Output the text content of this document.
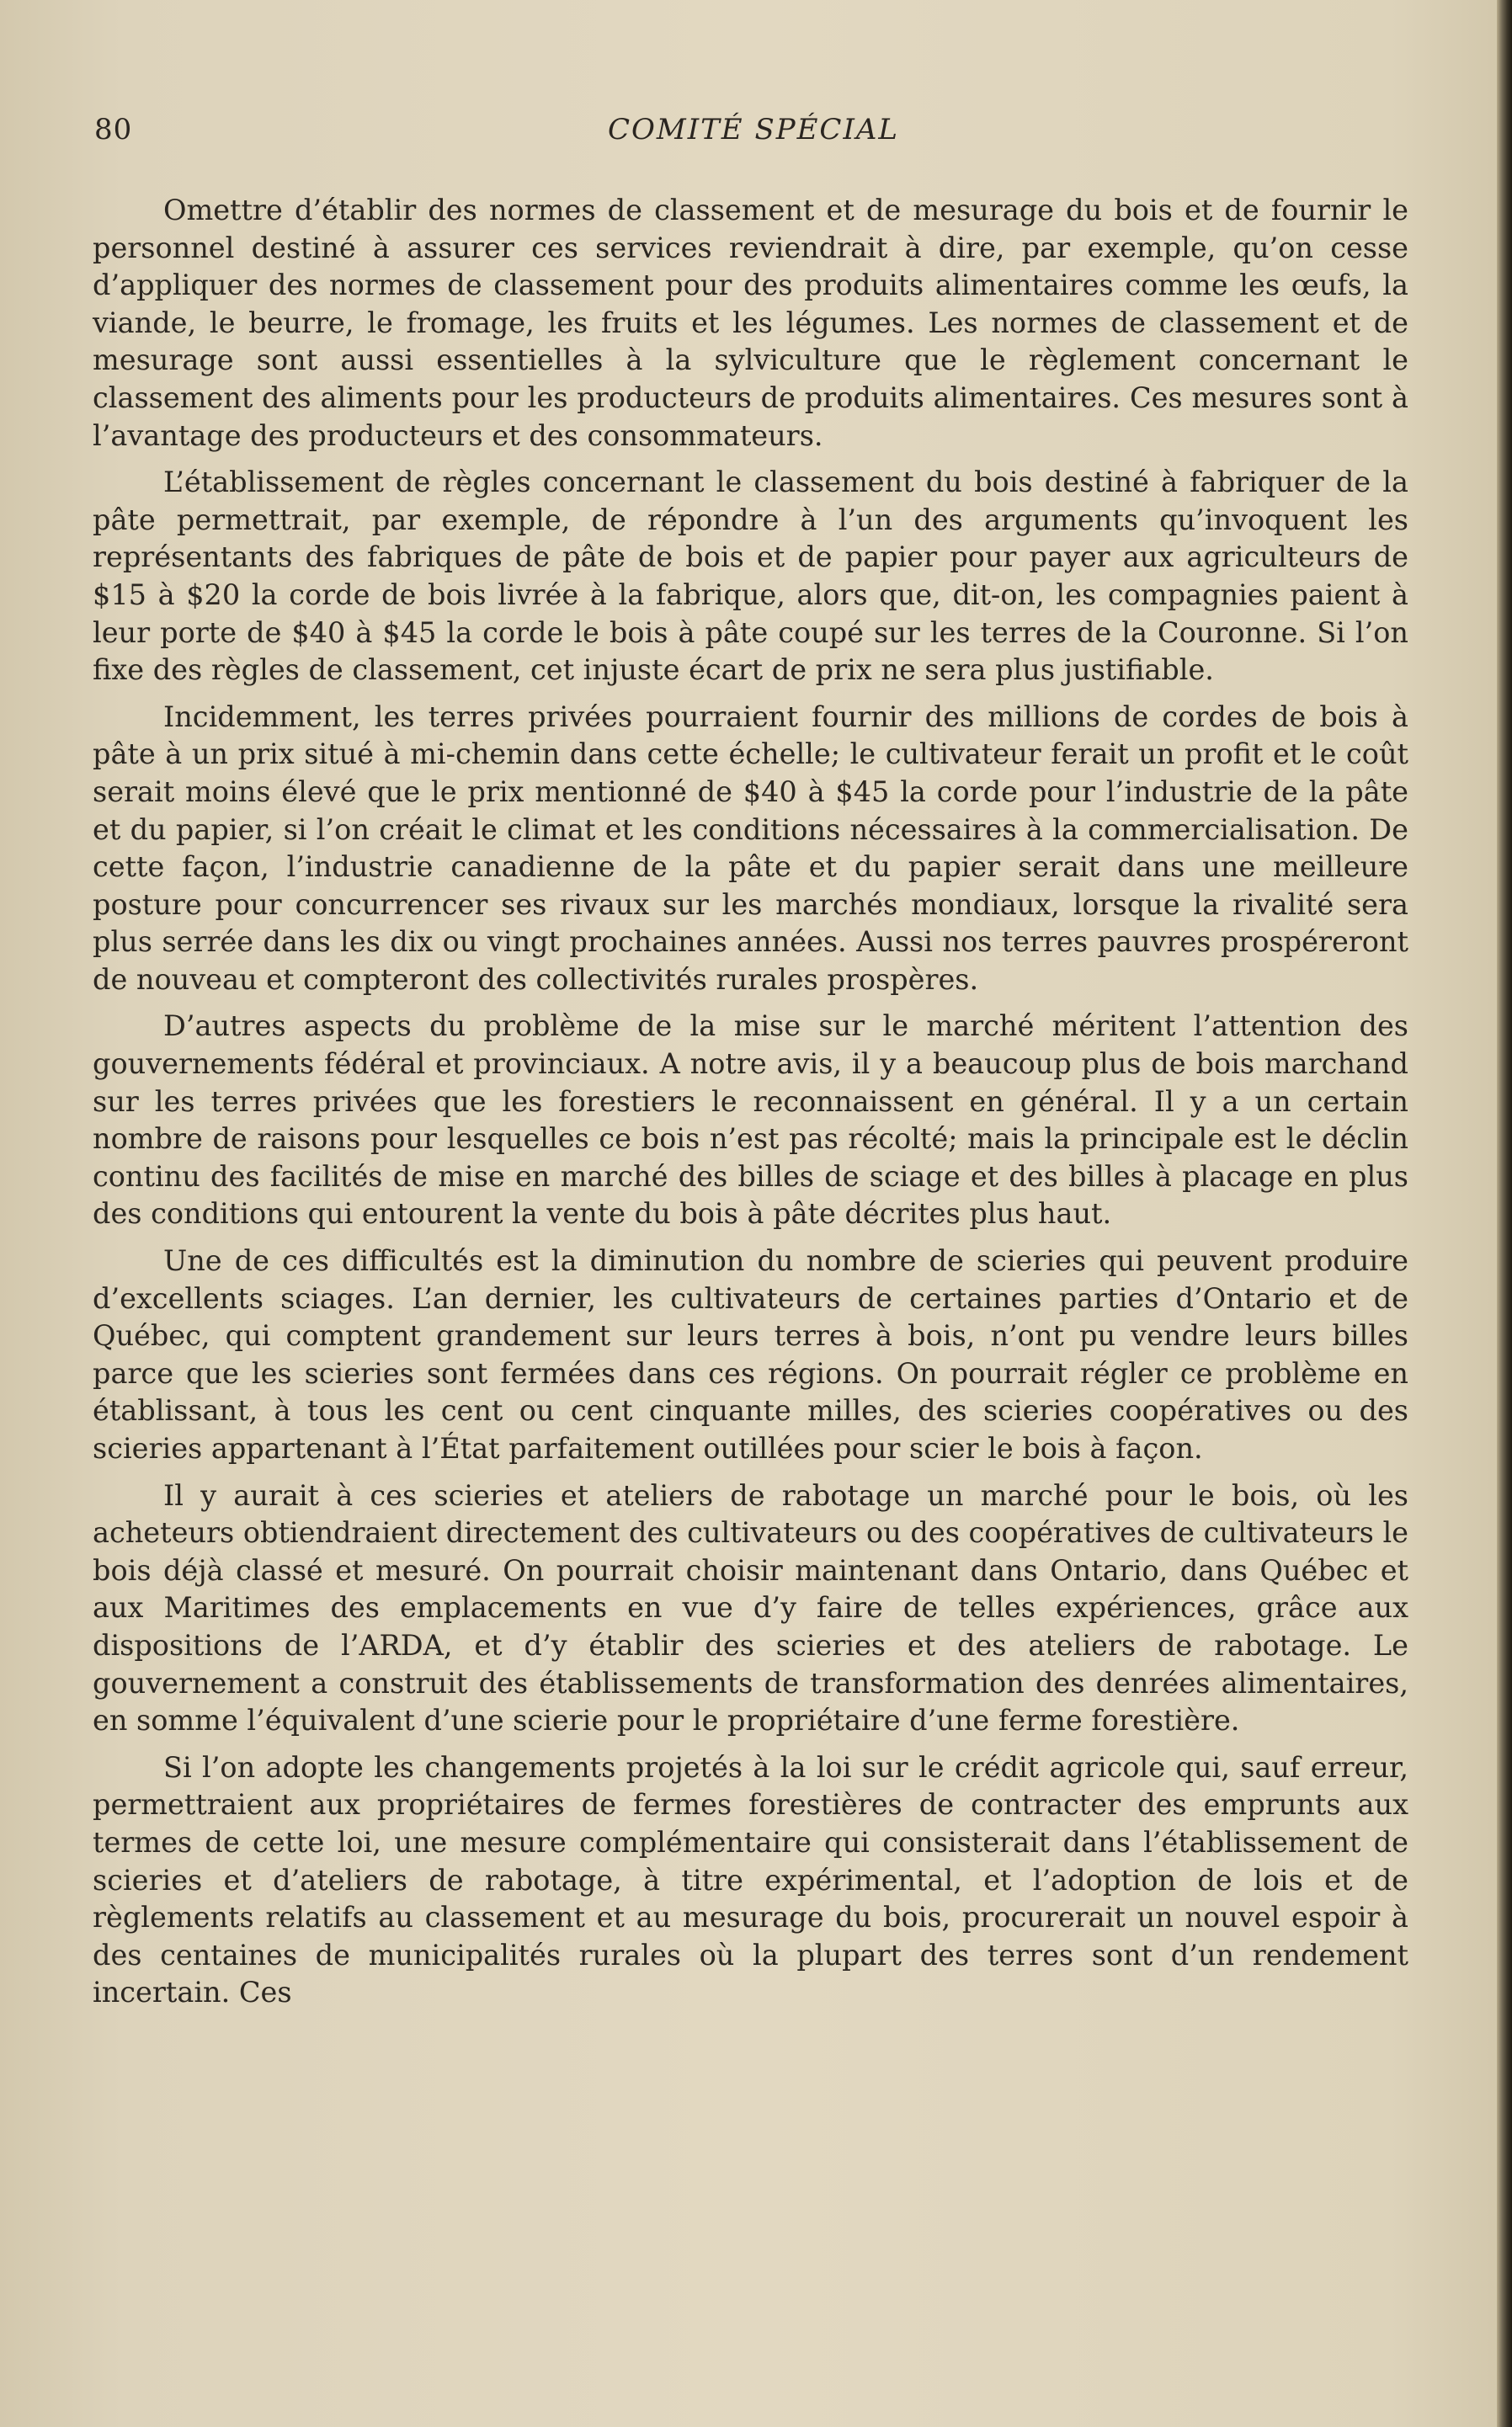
80	COMITÉ SPÉCIAL

Omettre d’établir des normes de classement et de mesurage du bois et de fournir le personnel destiné à assurer ces services reviendrait à dire, par exemple, qu’on cesse d’appliquer des normes de classement pour des produits alimentaires comme les œufs, la viande, le beurre, le fromage, les fruits et les légumes. Les normes de classement et de mesurage sont aussi essentielles à la sylviculture que le règlement concernant le classement des aliments pour les producteurs de produits alimentaires. Ces mesures sont à l’avantage des producteurs et des consommateurs.

L’établissement de règles concernant le classement du bois destiné à fabriquer de la pâte permettrait, par exemple, de répondre à l’un des arguments qu’invoquent les représentants des fabriques de pâte de bois et de papier pour payer aux agriculteurs de $15 à $20 la corde de bois livrée à la fabrique, alors que, dit-on, les compagnies paient à leur porte de $40 à $45 la corde le bois à pâte coupé sur les terres de la Couronne. Si l’on fixe des règles de classement, cet injuste écart de prix ne sera plus justifiable.

Incidemment, les terres privées pourraient fournir des millions de cordes de bois à pâte à un prix situé à mi-chemin dans cette échelle; le cultivateur ferait un profit et le coût serait moins élevé que le prix mentionné de $40 à $45 la corde pour l’industrie de la pâte et du papier, si l’on créait le climat et les conditions nécessaires à la commercialisation. De cette façon, l’industrie canadienne de la pâte et du papier serait dans une meilleure posture pour concurrencer ses rivaux sur les marchés mondiaux, lorsque la rivalité sera plus serrée dans les dix ou vingt prochaines années. Aussi nos terres pauvres prospéreront de nouveau et compteront des collectivités rurales prospères.

D’autres aspects du problème de la mise sur le marché méritent l’attention des gouvernements fédéral et provinciaux. A notre avis, il y a beaucoup plus de bois marchand sur les terres privées que les forestiers le reconnaissent en général. Il y a un certain nombre de raisons pour lesquelles ce bois n’est pas récolté; mais la principale est le déclin continu des facilités de mise en marché des billes de sciage et des billes à placage en plus des conditions qui entourent la vente du bois à pâte décrites plus haut.

Une de ces difficultés est la diminution du nombre de scieries qui peuvent produire d’excellents sciages. L’an dernier, les cultivateurs de certaines parties d’Ontario et de Québec, qui comptent grandement sur leurs terres à bois, n’ont pu vendre leurs billes parce que les scieries sont fermées dans ces régions. On pourrait régler ce problème en établissant, à tous les cent ou cent cinquante milles, des scieries coopératives ou des scieries appartenant à l’État parfaitement outillées pour scier le bois à façon.

Il y aurait à ces scieries et ateliers de rabotage un marché pour le bois, où les acheteurs obtiendraient directement des cultivateurs ou des coopératives de cultivateurs le bois déjà classé et mesuré. On pourrait choisir maintenant dans Ontario, dans Québec et aux Maritimes des emplacements en vue d’y faire de telles expériences, grâce aux dispositions de l’ARDA, et d’y établir des scieries et des ateliers de rabotage. Le gouvernement a construit des établissements de transformation des denrées alimentaires, en somme l’équivalent d’une scierie pour le propriétaire d’une ferme forestière.

Si l’on adopte les changements projetés à la loi sur le crédit agricole qui, sauf erreur, permettraient aux propriétaires de fermes forestières de contracter des emprunts aux termes de cette loi, une mesure complémentaire qui consisterait dans l’établissement de scieries et d’ateliers de rabotage, à titre expérimental, et l’adoption de lois et de règlements relatifs au classement et au mesurage du bois, procurerait un nouvel espoir à des centaines de municipalités rurales où la plupart des terres sont d’un rendement incertain. Ces
